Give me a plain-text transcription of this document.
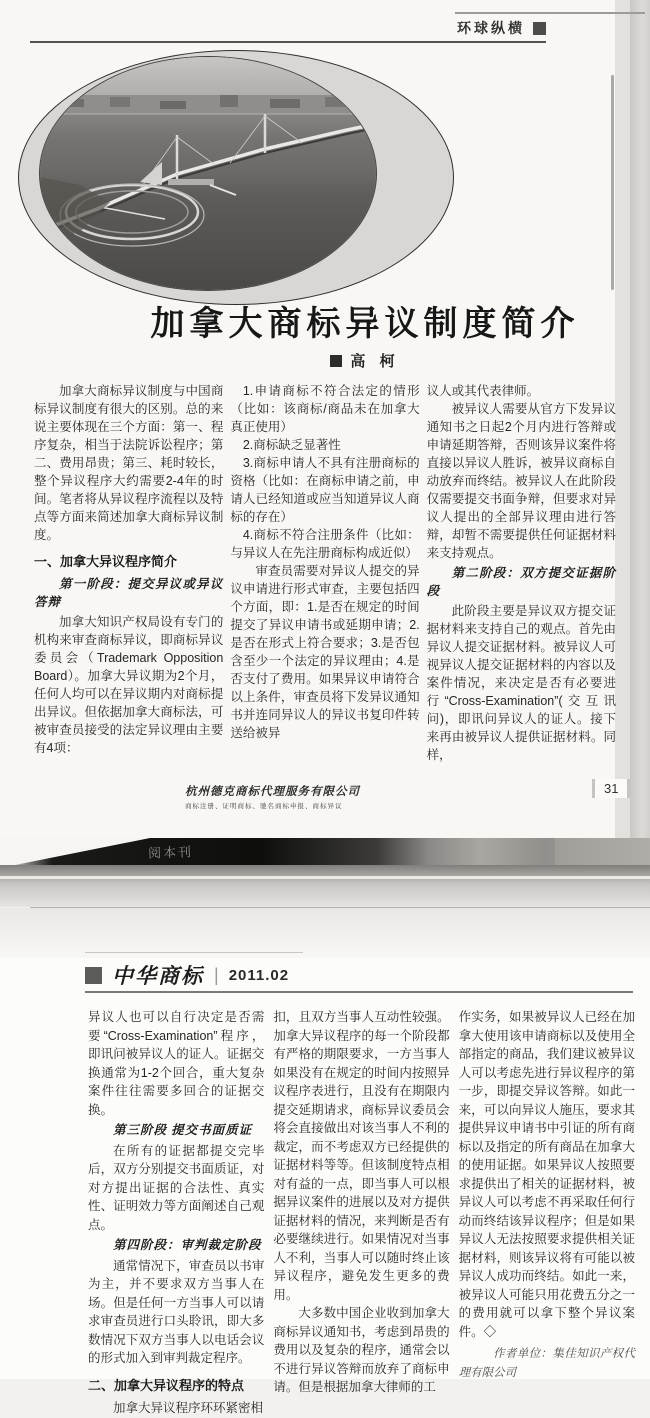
环球纵横
加拿大商标异议制度简介
高 柯

加拿大商标异议制度与中国商标异议制度有很大的区别。总的来说主要体现在三个方面：第一、程序复杂，相当于法院诉讼程序；第二、费用昂贵；第三、耗时较长，整个异议程序大约需要2-4年的时间。笔者将从异议程序流程以及特点等方面来简述加拿大商标异议制度。

一、加拿大异议程序简介

第一阶段：提交异议或异议答辩

加拿大知识产权局设有专门的机构来审查商标异议，即商标异议委员会（Trademark Opposition Board）。加拿大异议期为2个月，任何人均可以在异议期内对商标提出异议。但依据加拿大商标法，可被审查员接受的法定异议理由主要有4项：

1.申请商标不符合法定的情形（比如：该商标/商品未在加拿大真正使用）

2.商标缺乏显著性

3.商标申请人不具有注册商标的资格（比如：在商标申请之前，申请人已经知道或应当知道异议人商标的存在）

4.商标不符合注册条件（比如：与异议人在先注册商标构成近似）

审查员需要对异议人提交的异议申请进行形式审查，主要包括四个方面，即：1.是否在规定的时间提交了异议申请书或延期申请；2.是否在形式上符合要求；3.是否包含至少一个法定的异议理由；4.是否支付了费用。如果异议申请符合以上条件，审查员将下发异议通知书并连同异议人的异议书复印件转送给被异

议人或其代表律师。

被异议人需要从官方下发异议通知书之日起2个月内进行答辩或申请延期答辩，否则该异议案件将直接以异议人胜诉，被异议商标自动放弃而终结。被异议人在此阶段仅需要提交书面争辩，但要求对异议人提出的全部异议理由进行答辩，却暂不需要提供任何证据材料来支持观点。

第二阶段：双方提交证据阶段

此阶段主要是异议双方提交证据材料来支持自己的观点。首先由异议人提交证据材料。被异议人可视异议人提交证据材料的内容以及案件情况，来决定是否有必要进行“Cross-Examination”(交互讯问)，即讯问异议人的证人。接下来再由被异议人提供证据材料。同样，

杭州德克商标代理服务有限公司
商标注册、证明商标、驰名商标申报、商标异议
31
阅本刊
中华商标 | 2011.02

异议人也可以自行决定是否需要“Cross-Examination”程序，即讯问被异议人的证人。证据交换通常为1-2个回合，重大复杂案件往往需要多回合的证据交换。

第三阶段 提交书面质证

在所有的证据都提交完毕后，双方分别提交书面质证，对对方提出证据的合法性、真实性、证明效力等方面阐述自己观点。

第四阶段：审判裁定阶段

通常情况下，审查员以书审为主，并不要求双方当事人在场。但是任何一方当事人可以请求审查员进行口头聆讯，即大多数情况下双方当事人以电话会议的形式加入到审判裁定程序。

二、加拿大异议程序的特点

加拿大异议程序环环紧密相

扣，且双方当事人互动性较强。加拿大异议程序的每一个阶段都有严格的期限要求，一方当事人如果没有在规定的时间内按照异议程序表进行，且没有在期限内提交延期请求，商标异议委员会将会直接做出对该当事人不利的裁定，而不考虑双方已经提供的证据材料等等。但该制度特点相对有益的一点，即当事人可以根据异议案件的进展以及对方提供证据材料的情况，来判断是否有必要继续进行。如果情况对当事人不利，当事人可以随时终止该异议程序，避免发生更多的费用。

大多数中国企业收到加拿大商标异议通知书，考虑到昂贵的费用以及复杂的程序，通常会以不进行异议答辩而放弃了商标申请。但是根据加拿大律师的工

作实务，如果被异议人已经在加拿大使用该申请商标以及使用全部指定的商品，我们建议被异议人可以考虑先进行异议程序的第一步，即提交异议答辩。如此一来，可以向异议人施压，要求其提供异议申请书中引证的所有商标以及指定的所有商品在加拿大的使用证据。如果异议人按照要求提供出了相关的证据材料，被异议人可以考虑不再采取任何行动而终结该异议程序；但是如果异议人无法按照要求提供相关证据材料，则该异议将有可能以被异议人成功而终结。如此一来，被异议人可能只用花费五分之一的费用就可以拿下整个异议案件。◇

作者单位：集佳知识产权代理有限公司
